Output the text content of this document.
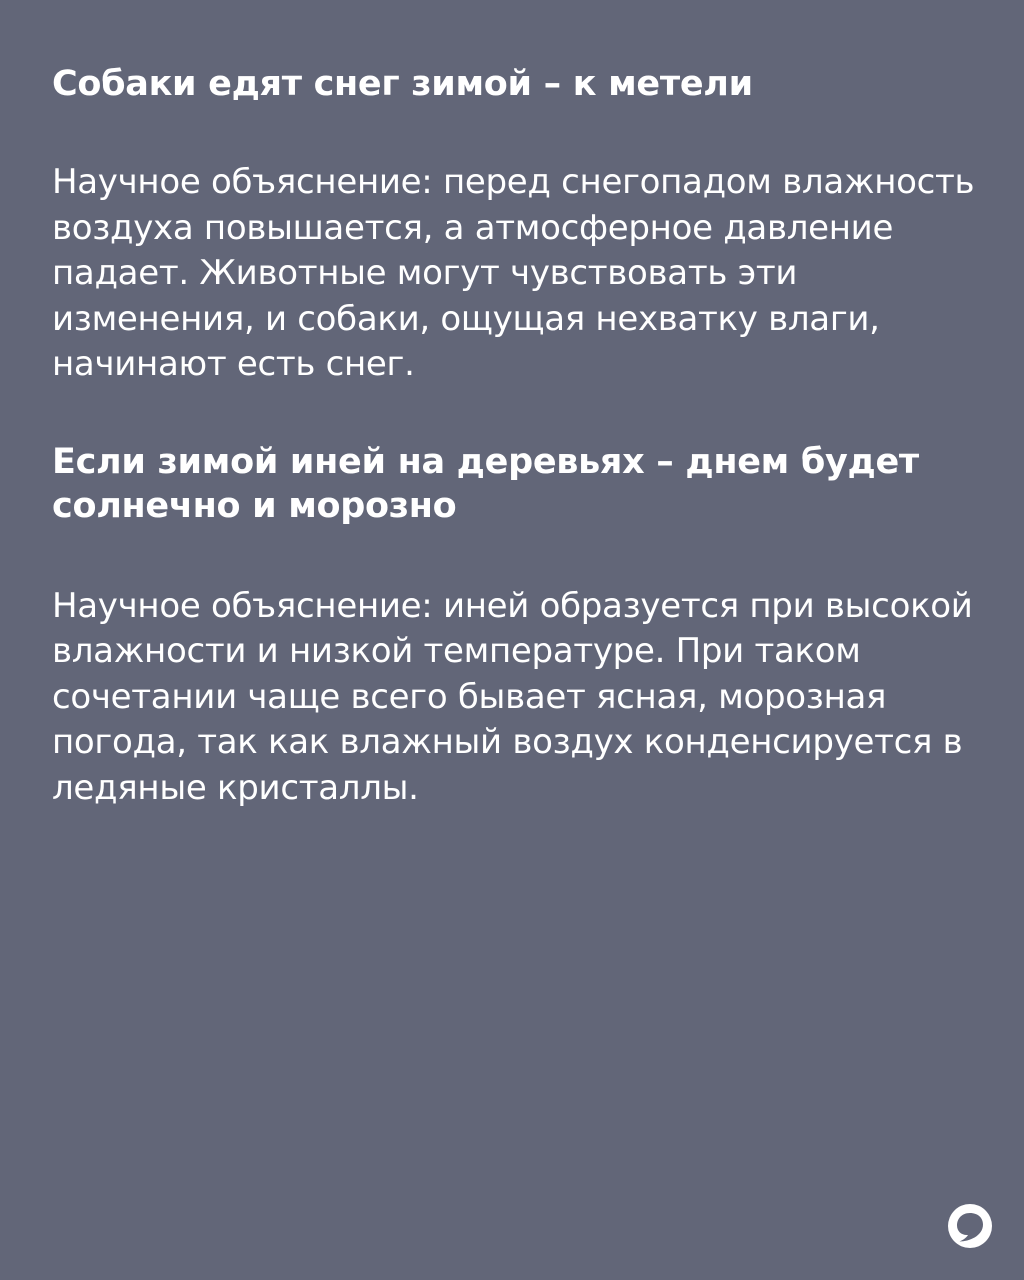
Собаки едят снег зимой – к метели

Научное объяснение: перед снегопадом влажность воздуха повышается, а атмосферное давление падает. Животные могут чувствовать эти изменения, и собаки, ощущая нехватку влаги, начинают есть снег.

Если зимой иней на деревьях – днем будет солнечно и морозно

Научное объяснение: иней образуется при высокой влажности и низкой температуре. При таком сочетании чаще всего бывает ясная, морозная погода, так как влажный воздух конденсируется в ледяные кристаллы.
